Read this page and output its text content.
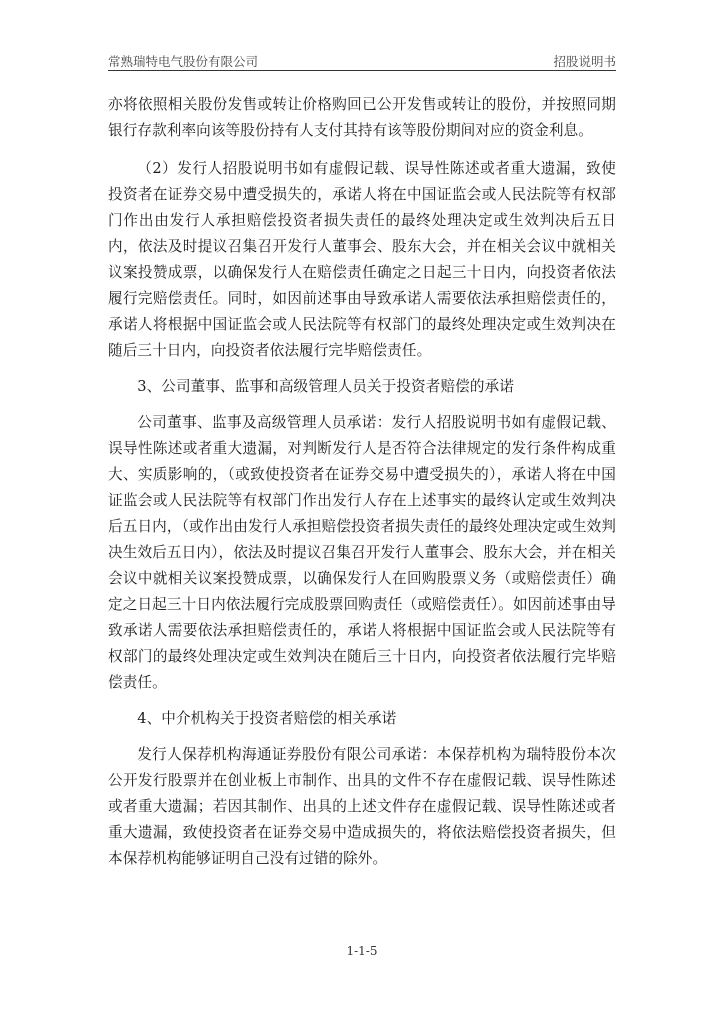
常熟瑞特电气股份有限公司	招股说明书

亦将依照相关股份发售或转让价格购回已公开发售或转让的股份，并按照同期银行存款利率向该等股份持有人支付其持有该等股份期间对应的资金利息。

（2）发行人招股说明书如有虚假记载、误导性陈述或者重大遗漏，致使投资者在证券交易中遭受损失的，承诺人将在中国证监会或人民法院等有权部门作出由发行人承担赔偿投资者损失责任的最终处理决定或生效判决后五日内，依法及时提议召集召开发行人董事会、股东大会，并在相关会议中就相关议案投赞成票，以确保发行人在赔偿责任确定之日起三十日内，向投资者依法履行完赔偿责任。同时，如因前述事由导致承诺人需要依法承担赔偿责任的，承诺人将根据中国证监会或人民法院等有权部门的最终处理决定或生效判决在随后三十日内，向投资者依法履行完毕赔偿责任。

3、公司董事、监事和高级管理人员关于投资者赔偿的承诺

公司董事、监事及高级管理人员承诺：发行人招股说明书如有虚假记载、误导性陈述或者重大遗漏，对判断发行人是否符合法律规定的发行条件构成重大、实质影响的，（或致使投资者在证券交易中遭受损失的），承诺人将在中国证监会或人民法院等有权部门作出发行人存在上述事实的最终认定或生效判决后五日内，（或作出由发行人承担赔偿投资者损失责任的最终处理决定或生效判决生效后五日内），依法及时提议召集召开发行人董事会、股东大会，并在相关会议中就相关议案投赞成票，以确保发行人在回购股票义务（或赔偿责任）确定之日起三十日内依法履行完成股票回购责任（或赔偿责任）。如因前述事由导致承诺人需要依法承担赔偿责任的，承诺人将根据中国证监会或人民法院等有权部门的最终处理决定或生效判决在随后三十日内，向投资者依法履行完毕赔偿责任。

4、中介机构关于投资者赔偿的相关承诺

发行人保荐机构海通证券股份有限公司承诺：本保荐机构为瑞特股份本次公开发行股票并在创业板上市制作、出具的文件不存在虚假记载、误导性陈述或者重大遗漏；若因其制作、出具的上述文件存在虚假记载、误导性陈述或者重大遗漏，致使投资者在证券交易中造成损失的，将依法赔偿投资者损失，但本保荐机构能够证明自己没有过错的除外。

1-1-5
